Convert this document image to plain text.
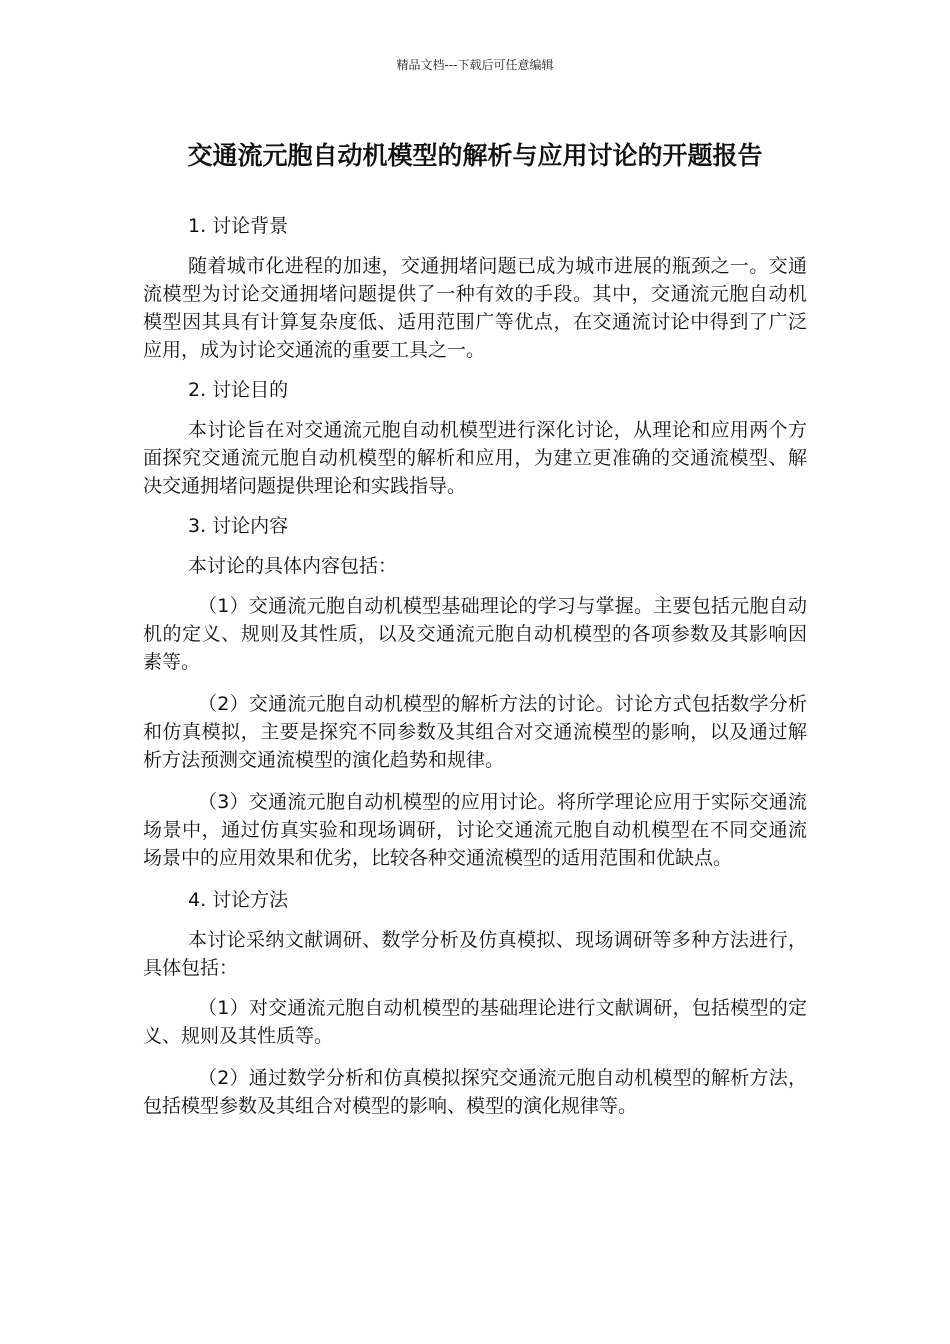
精品文档---下载后可任意编辑
交通流元胞自动机模型的解析与应用讨论的开题报告
1. 讨论背景

随着城市化进程的加速，交通拥堵问题已成为城市进展的瓶颈之一。交通流模型为讨论交通拥堵问题提供了一种有效的手段。其中，交通流元胞自动机模型因其具有计算复杂度低、适用范围广等优点，在交通流讨论中得到了广泛应用，成为讨论交通流的重要工具之一。

2. 讨论目的

本讨论旨在对交通流元胞自动机模型进行深化讨论，从理论和应用两个方面探究交通流元胞自动机模型的解析和应用，为建立更准确的交通流模型、解决交通拥堵问题提供理论和实践指导。

3. 讨论内容

本讨论的具体内容包括：

（1）交通流元胞自动机模型基础理论的学习与掌握。主要包括元胞自动机的定义、规则及其性质，以及交通流元胞自动机模型的各项参数及其影响因素等。

（2）交通流元胞自动机模型的解析方法的讨论。讨论方式包括数学分析和仿真模拟，主要是探究不同参数及其组合对交通流模型的影响，以及通过解析方法预测交通流模型的演化趋势和规律。

（3）交通流元胞自动机模型的应用讨论。将所学理论应用于实际交通流场景中，通过仿真实验和现场调研，讨论交通流元胞自动机模型在不同交通流场景中的应用效果和优劣，比较各种交通流模型的适用范围和优缺点。

4. 讨论方法

本讨论采纳文献调研、数学分析及仿真模拟、现场调研等多种方法进行，具体包括：

（1）对交通流元胞自动机模型的基础理论进行文献调研，包括模型的定义、规则及其性质等。

（2）通过数学分析和仿真模拟探究交通流元胞自动机模型的解析方法，包括模型参数及其组合对模型的影响、模型的演化规律等。
